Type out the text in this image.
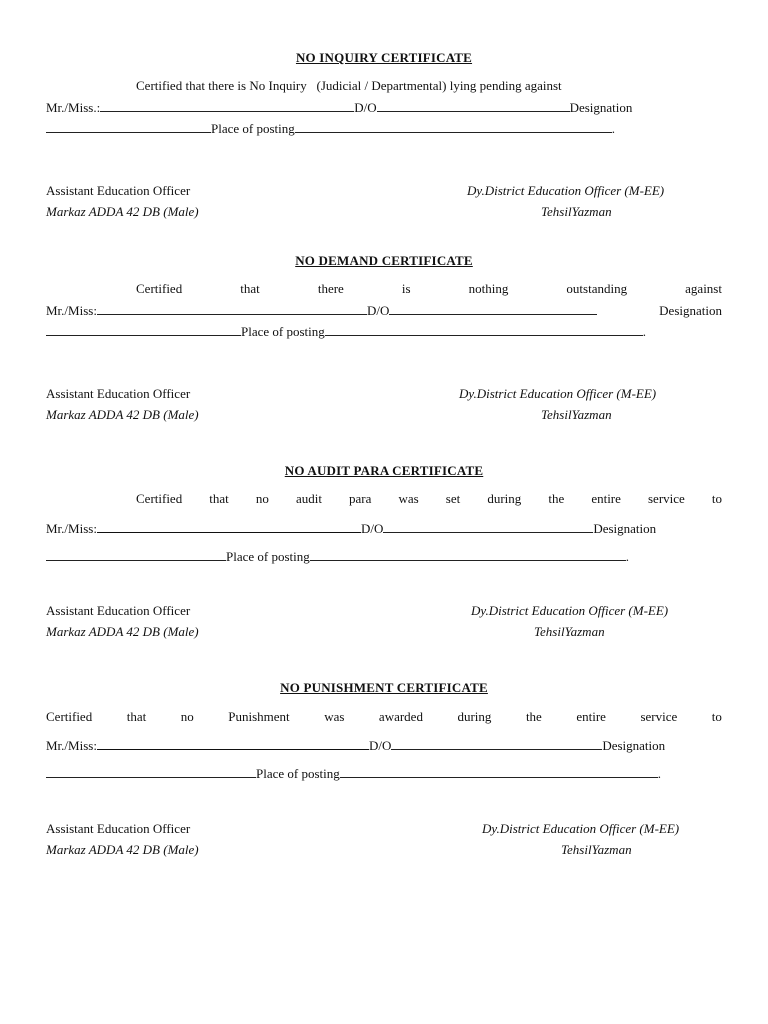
NO INQUIRY CERTIFICATE
Certified that there is No Inquiry   (Judicial / Departmental) lying pending against
Mr./Miss.:	D/O	Designation
Place of posting	.
Assistant Education Officer
Markaz ADDA 42 DB (Male)
Dy.District Education Officer (M-EE)
TehsilYazman
NO DEMAND CERTIFICATE
Certified	that	there	is	nothing	outstanding	against
Mr./Miss:	D/O	Designation
Place of posting	.
Assistant Education Officer
Markaz ADDA 42 DB (Male)
Dy.District Education Officer (M-EE)
TehsilYazman
NO AUDIT PARA CERTIFICATE
Certified that no audit para was set during the entire service to
Mr./Miss:	D/O	Designation
Place of posting	.
Assistant Education Officer
Markaz ADDA 42 DB (Male)
Dy.District Education Officer (M-EE)
TehsilYazman
NO PUNISHMENT CERTIFICATE
Certified	that	no	Punishment	was	awarded	during	the	entire	service	to
Mr./Miss:	D/O	Designation
Place of posting	.
Assistant Education Officer
Markaz ADDA 42 DB (Male)
Dy.District Education Officer (M-EE)
TehsilYazman
